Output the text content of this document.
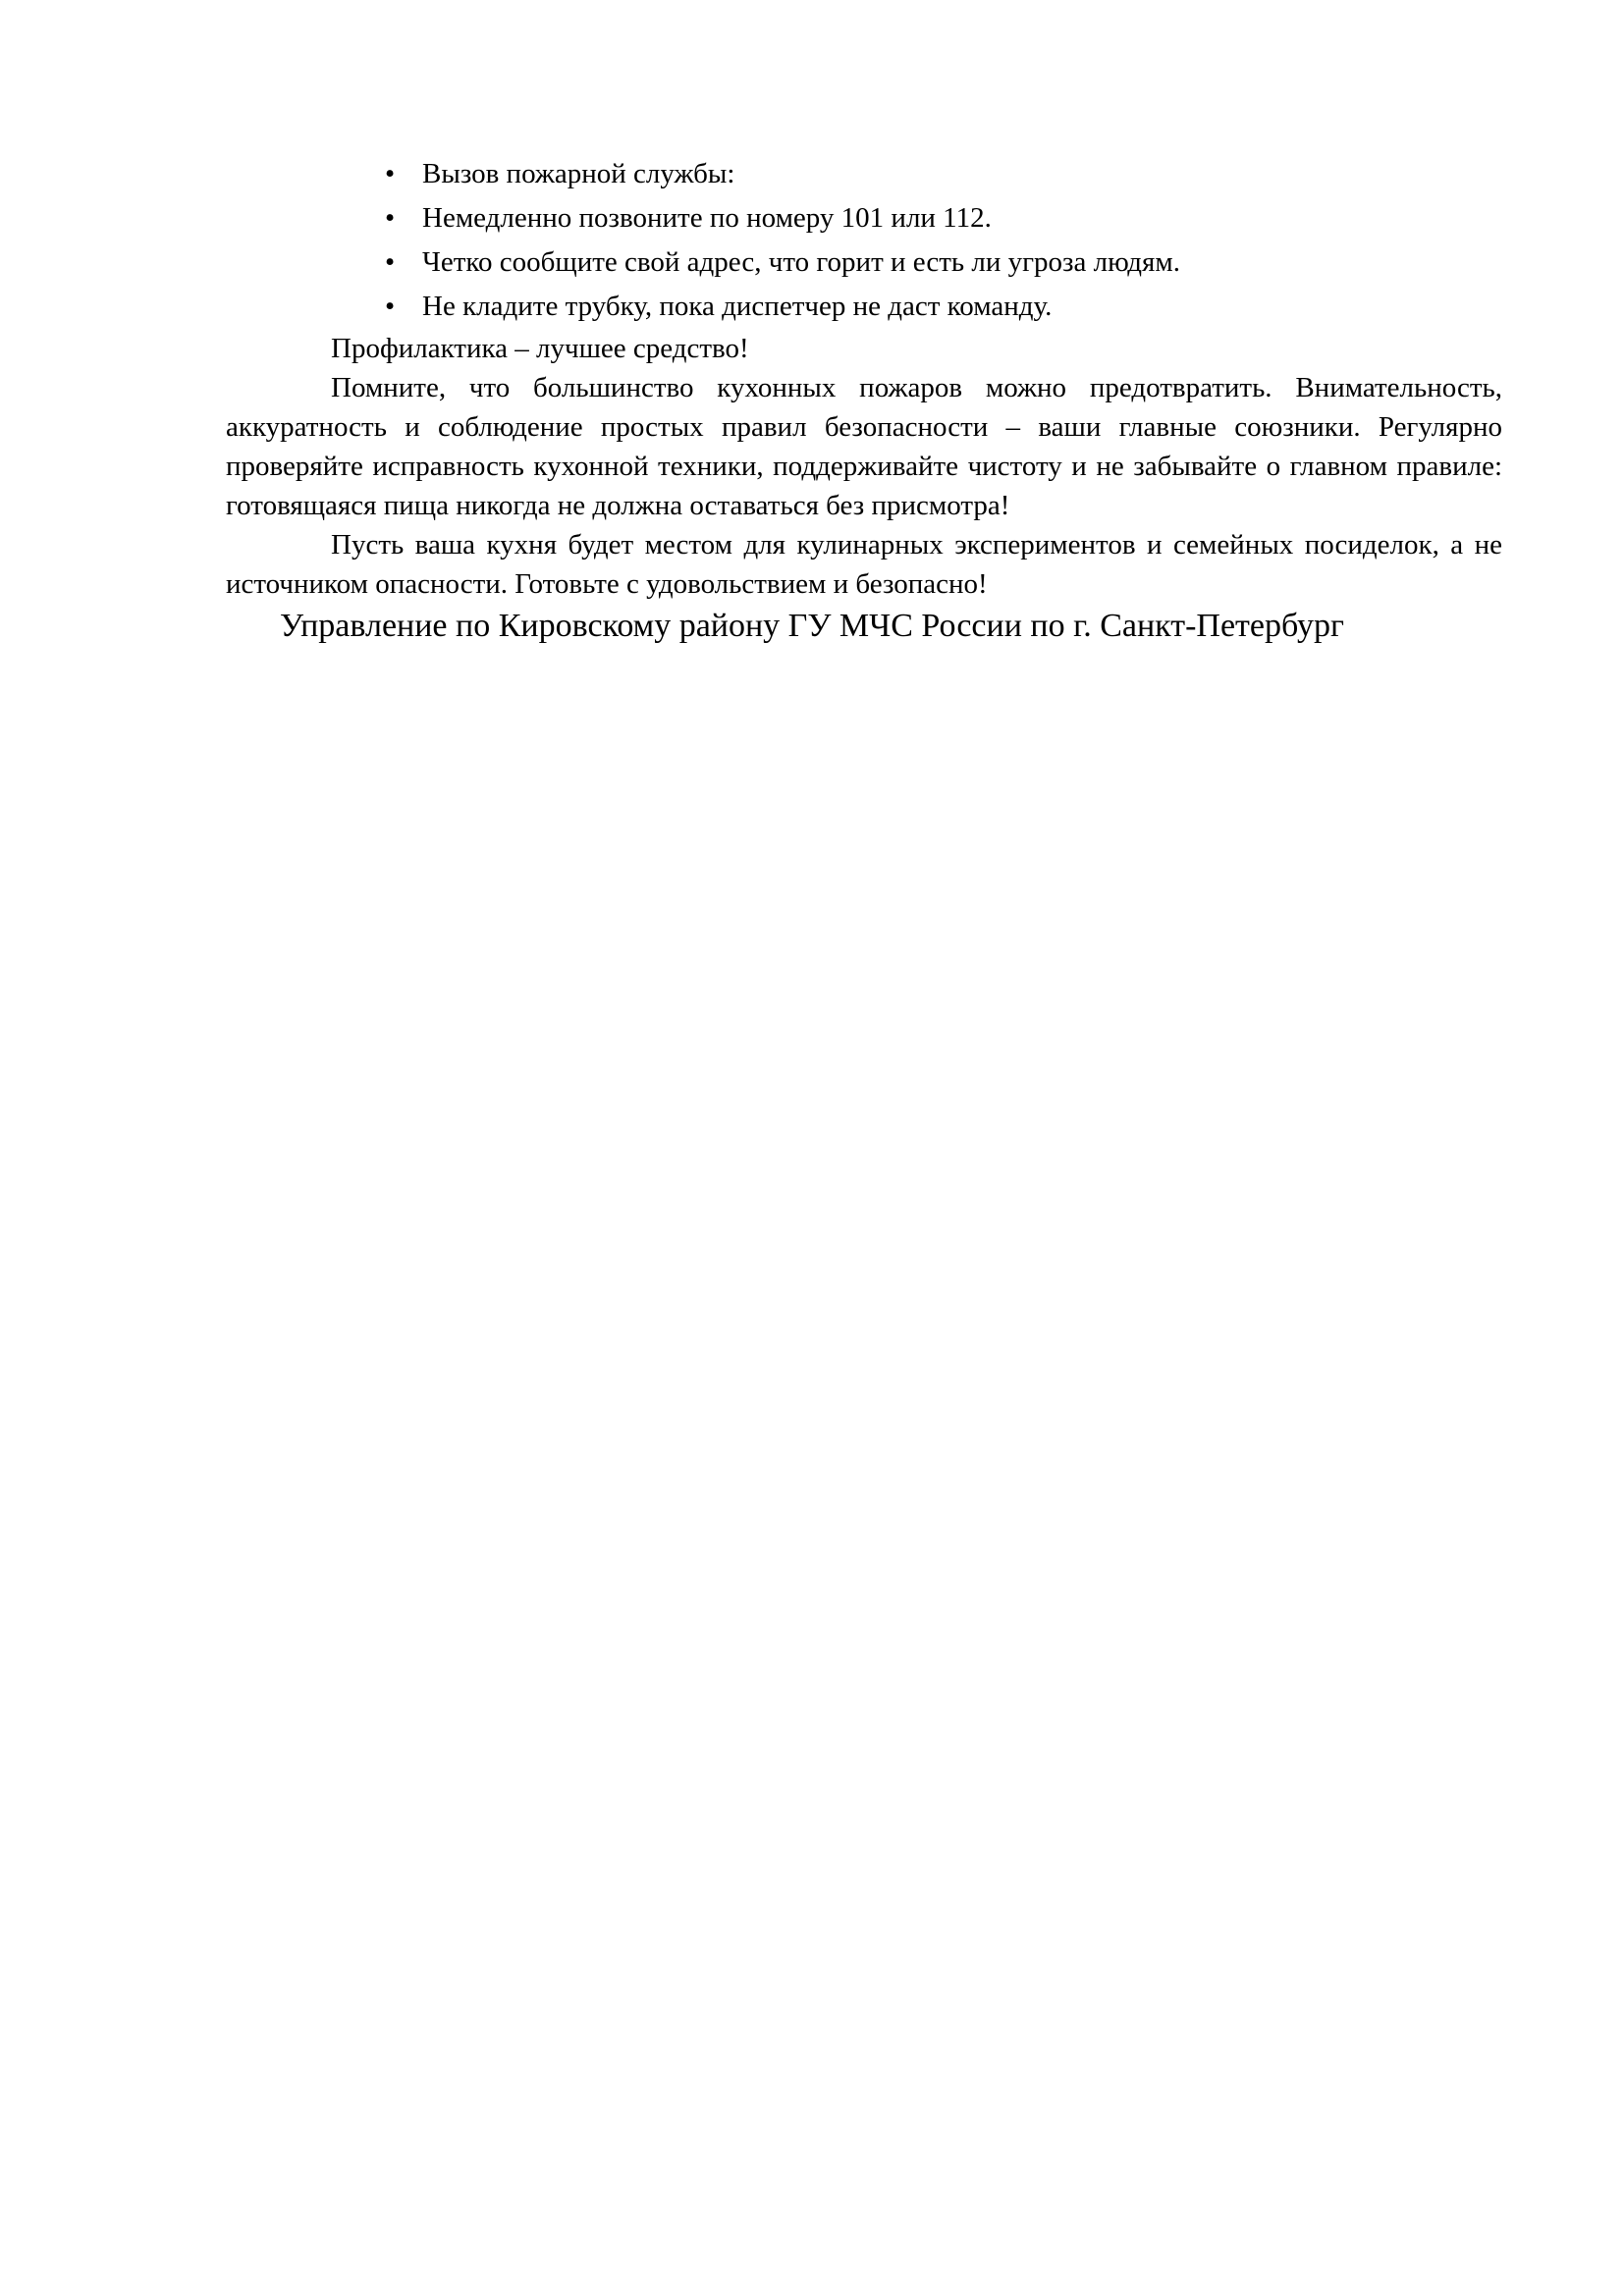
• Вызов пожарной службы:
• Немедленно позвоните по номеру 101 или 112.
• Четко сообщите свой адрес, что горит и есть ли угроза людям.
• Не кладите трубку, пока диспетчер не даст команду.

Профилактика – лучшее средство!

Помните, что большинство кухонных пожаров можно предотвратить. Внимательность, аккуратность и соблюдение простых правил безопасности – ваши главные союзники. Регулярно проверяйте исправность кухонной техники, поддерживайте чистоту и не забывайте о главном правиле: готовящаяся пища никогда не должна оставаться без присмотра!

Пусть ваша кухня будет местом для кулинарных экспериментов и семейных посиделок, а не источником опасности. Готовьте с удовольствием и безопасно!

Управление по Кировскому району ГУ МЧС России по г. Санкт-Петербург
